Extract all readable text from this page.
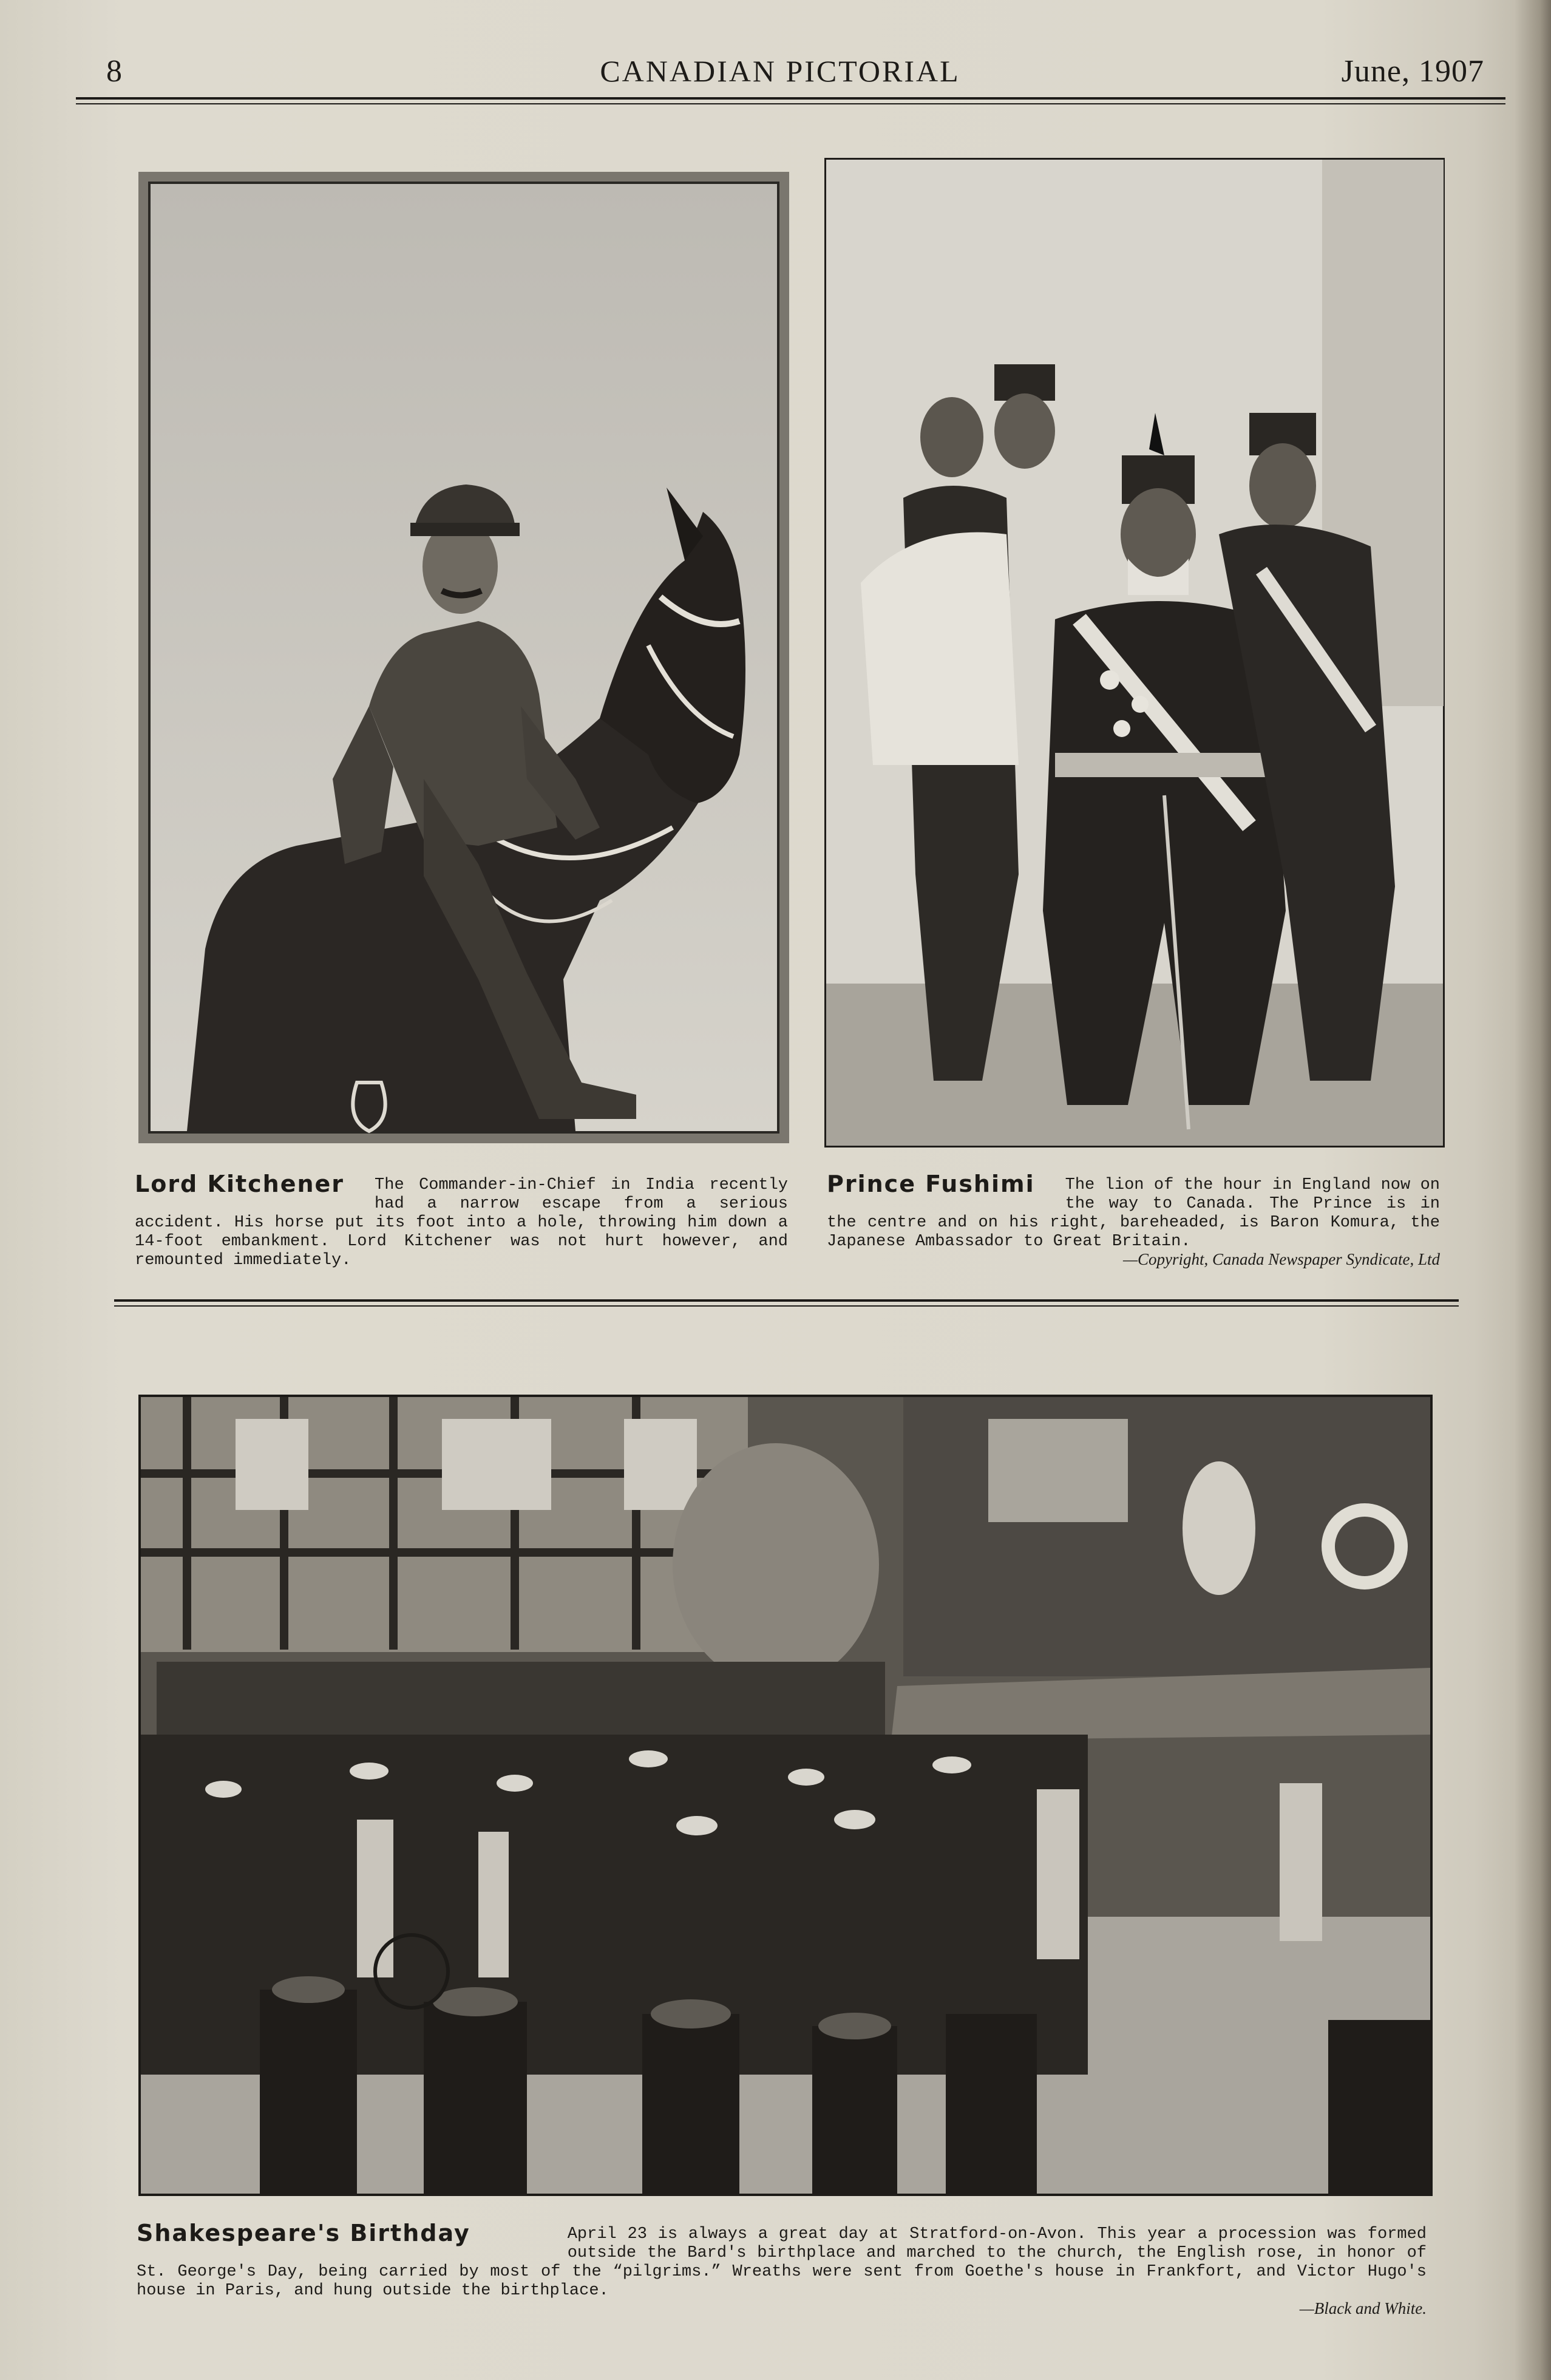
8	CANADIAN PICTORIAL	June, 1907
Lord Kitchener The Commander-in-Chief in India recently had a narrow escape from a serious accident. His horse put its foot into a hole, throwing him down a 14-foot embankment. Lord Kitchener was not hurt however, and remounted immediately.
Prince Fushimi The lion of the hour in England now on the way to Canada. The Prince is in the centre and on his right, bareheaded, is Baron Komura, the Japanese Ambassador to Great Britain.
—Copyright, Canada Newspaper Syndicate, Ltd
Shakespeare's Birthday	April 23 is always a great day at Stratford-on-Avon. This year a procession was formed outside the Bard's birthplace and marched to the church, the English rose, in honor of St. George's Day, being carried by most of the “pilgrims.” Wreaths were sent from Goethe's house in Frankfort, and Victor Hugo's house in Paris, and hung outside the birthplace.
—Black and White.
